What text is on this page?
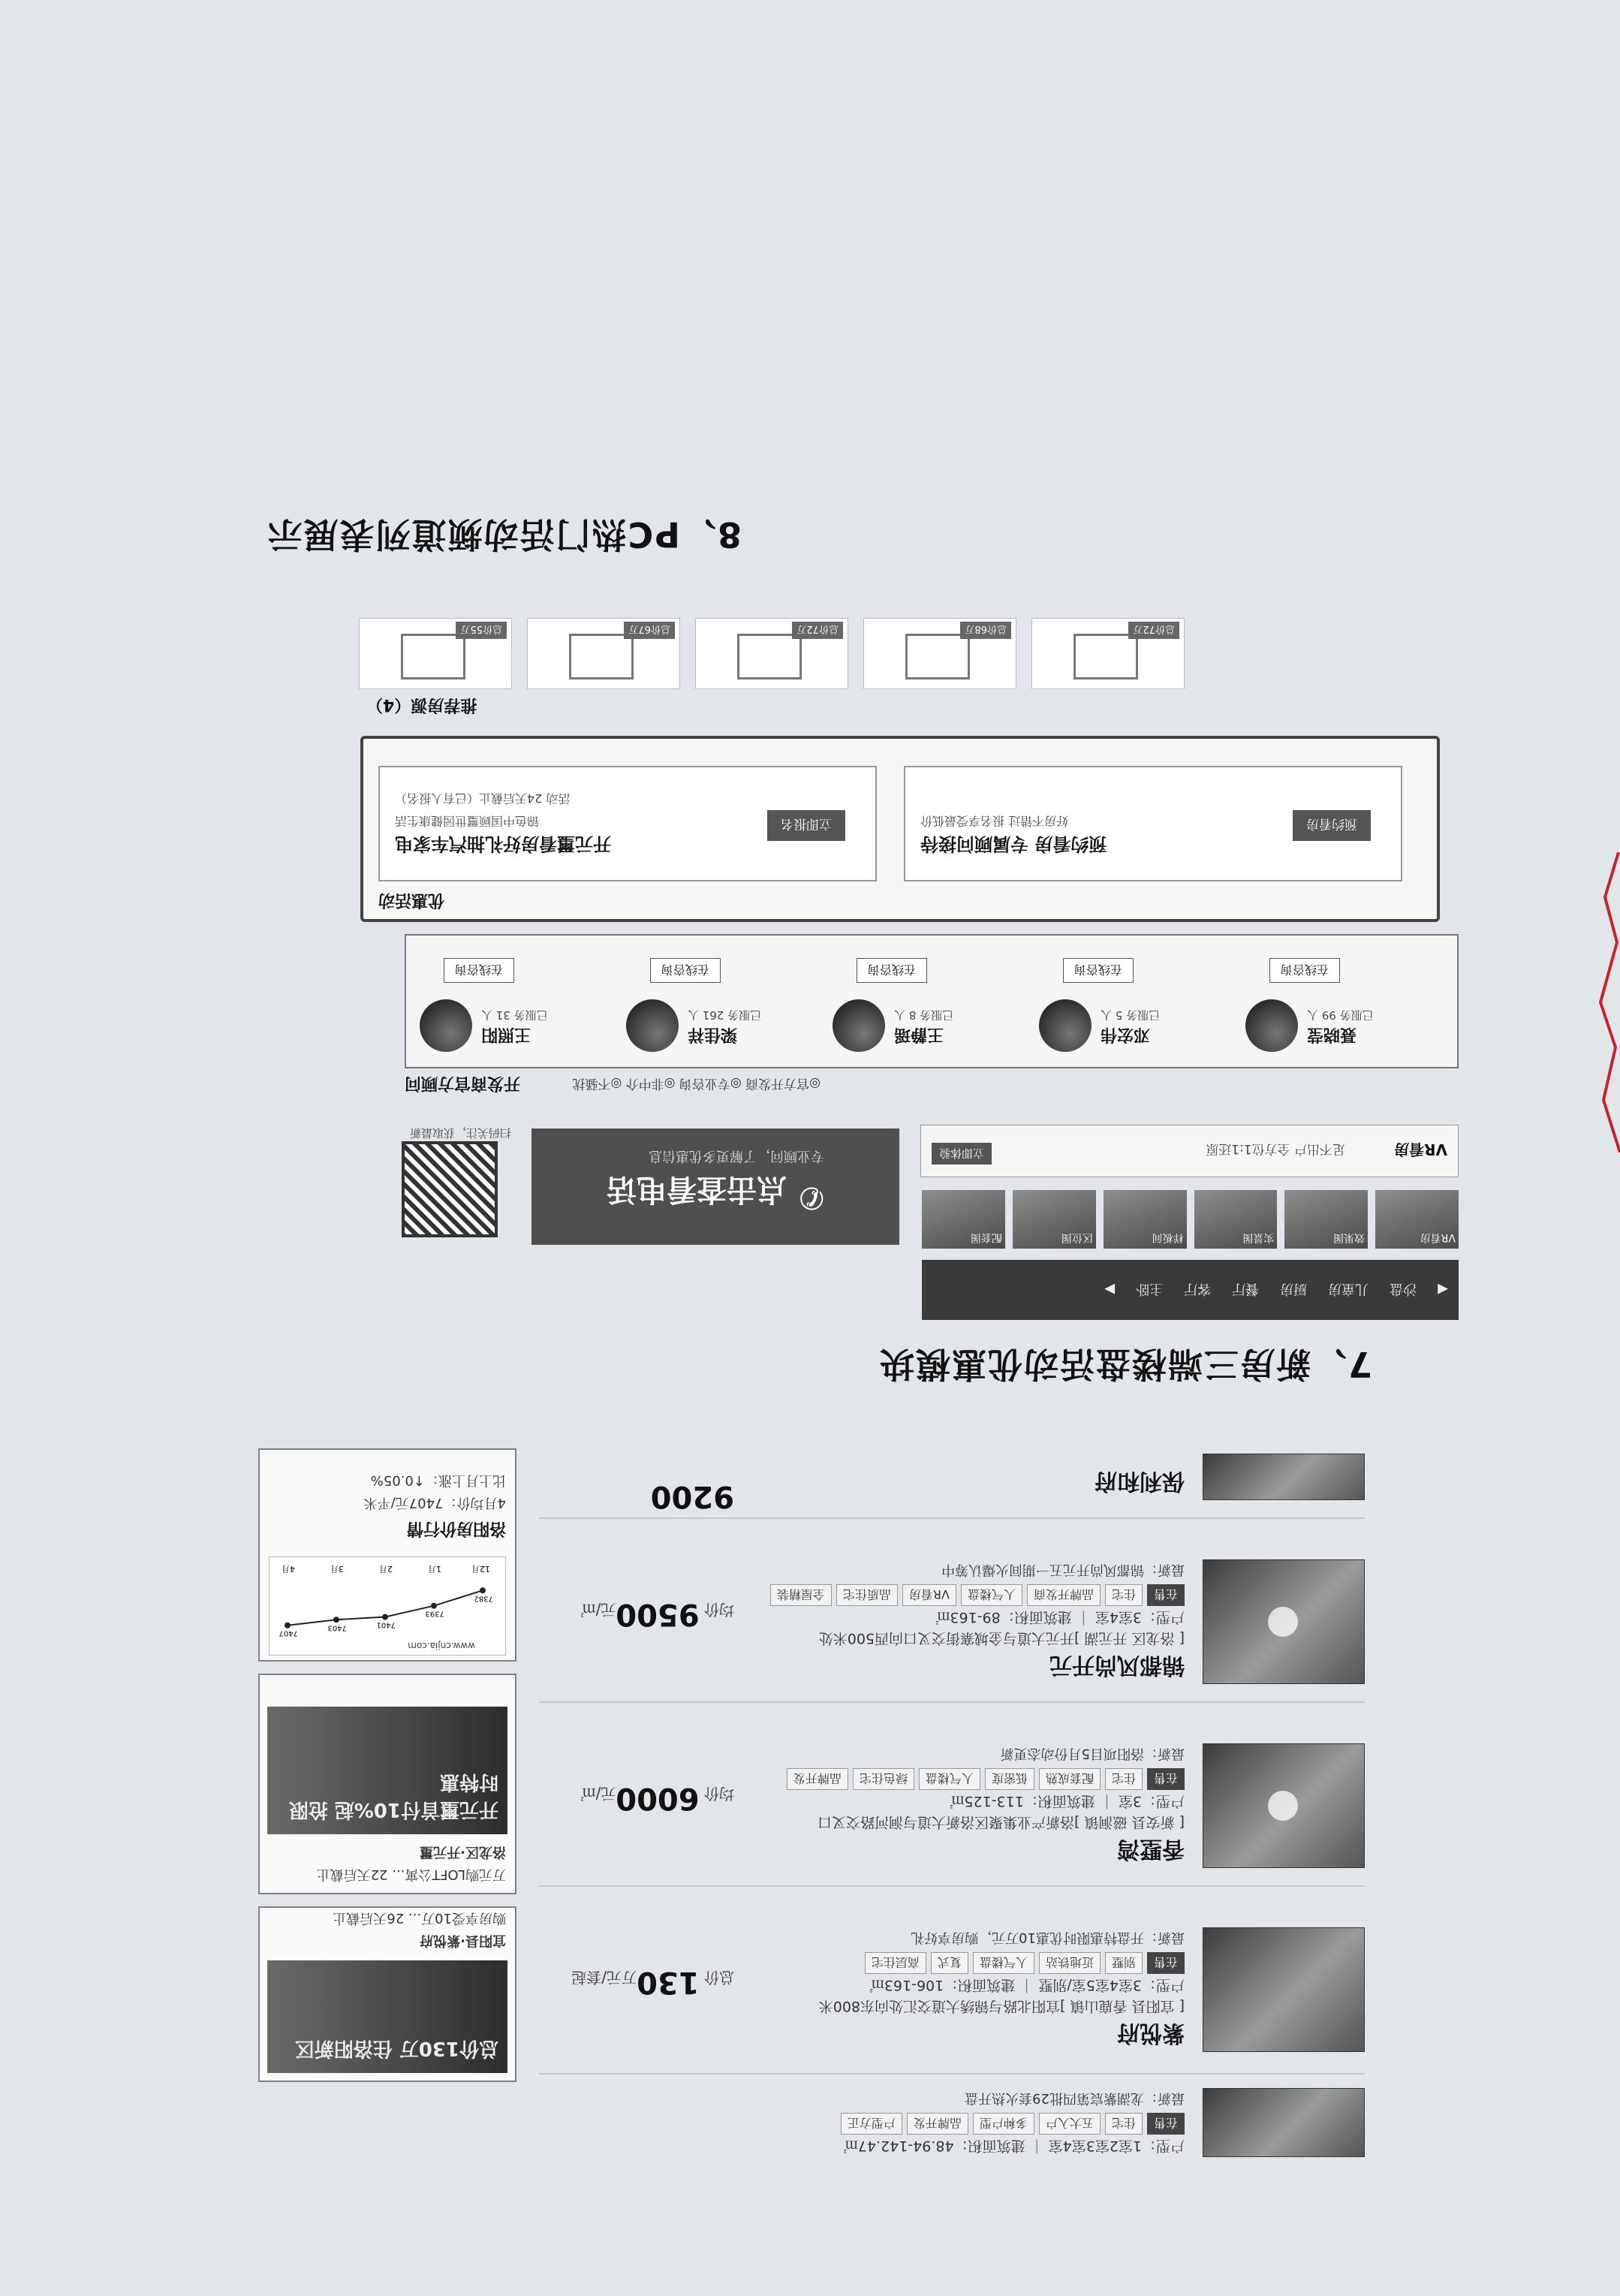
户型：1室2室3室4室 ｜ 建筑面积：48.94-142.47㎡
在售
住宅
五大入户
多种户型
品牌开发
户型方正
最新：龙湖紫宸第四批29套火热开盘
紫悦府
[ 宜阳县 香鹿山镇 ]宜阳北路与锦绣大道交汇处向东800米
户型：3室4室5室/别墅 ｜ 建筑面积：106-163㎡
在售
别墅
近地铁站
人气楼盘
复式
高层住宅
最新：开盘特惠限时优惠10万元，购房享好礼
总价 130万元/套起
香墅湾
[ 新安县 磁涧镇 ]洛新产业集聚区洛新大道与涧河路交叉口
户型：3室 ｜ 建筑面积：113-125㎡
在售
住宅
配套成熟
低密度
人气楼盘
绿色住宅
品牌开发
最新：洛阳项目5月份动态更新
均价 6000元/㎡
锦都风尚开元
[ 洛龙区 开元湖 ]开元大道与金城寨街交叉口向西500米处
户型：3室4室 ｜ 建筑面积：89-163㎡
在售
住宅
品牌开发商
人气楼盘
VR看房
品质住宅
全屋精装
最新：锦都风尚开元五一期间火爆认筹中
均价 9500元/㎡
保利和府
9200
总价130万 住洛阳新区
宜阳县·紫悦府
购房享受10万... 26天后截止
万元购LOFT公寓... 22天后截止
洛龙区·开元璽
开元璽首付10%起 抢限时特惠
www.cnjia.com
7382
12月
7393
1月
7401
2月
7403
3月
7407
4月
洛阳房价行情
4月均价：7407元/平米
比上月上涨：↑0.05%
7、新房三端楼盘活动优惠模块
◀
沙盘
儿童房
厨房
餐厅
客厅
主卧
▶
VR看房
效果图
实景图
样板间
区位图
配套图
VR看房
足不出户 全方位1:1还原
立即体验
✆
点击查看电话
专业顾问，了解更多优惠信息
扫码关注，获取最新
开发商官方顾问	◎官方开发商 ◎专业咨询 ◎非中介 ◎不骚扰
王照阳
已服务 31 人
在线咨询
梁佳祥
已服务 261 人
在线咨询
王静瑶
已服务 8 人
在线咨询
邓宏伟
已服务 5 人
在线咨询
聂晓莹
已服务 99 人
在线咨询
优惠活动
开元璽看房好礼抽汽车家电
锦色中国顾璽世园健康生活
活动 24天后截止（已有人报名）
立即报名
预约看房 专属顾问接待
好房不错过 报名享受最低价	预约看房
推荐房源（4）
总价72万
总价68万
总价72万
总价67万
总价55万
8、PC热门活动频道列表展示
